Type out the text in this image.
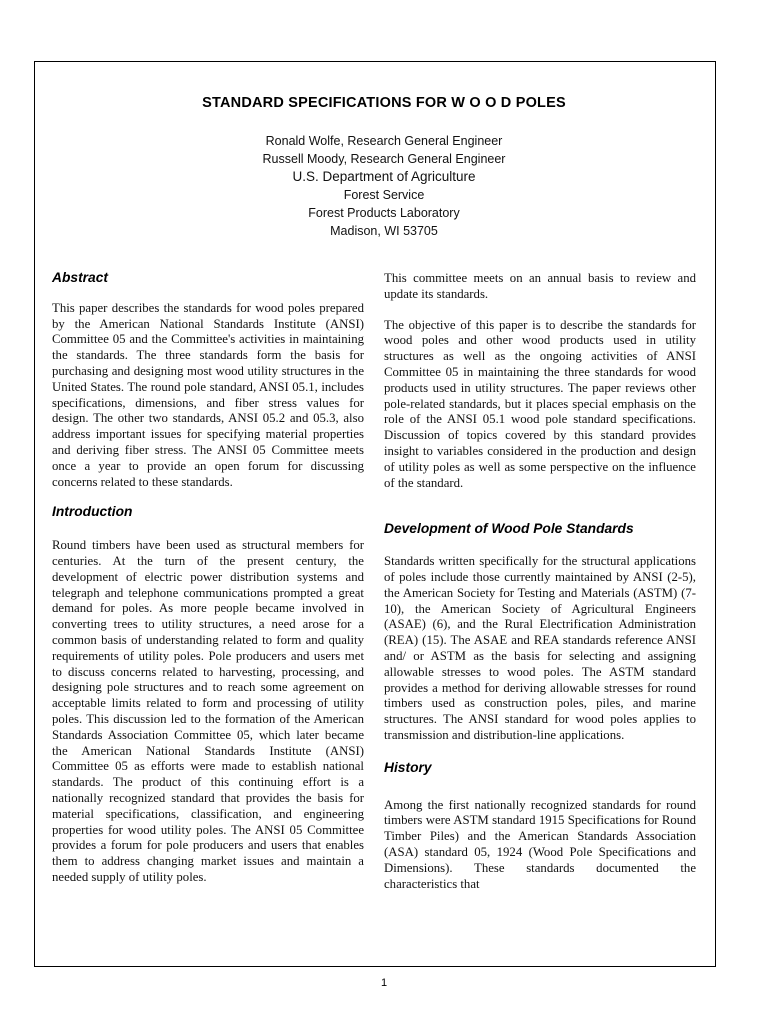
STANDARD SPECIFICATIONS FOR W O O D POLES
Ronald Wolfe, Research General Engineer
Russell Moody, Research General Engineer
U.S. Department of Agriculture
Forest Service
Forest Products Laboratory
Madison, WI 53705
Abstract

This paper describes the standards for wood poles prepared by the American National Standards Institute (ANSI) Committee 05 and the Committee's activities in maintaining the standards. The three standards form the basis for purchasing and designing most wood utility structures in the United States. The round pole standard, ANSI 05.1, includes specifications, dimensions, and fiber stress values for design. The other two standards, ANSI 05.2 and 05.3, also address important issues for specifying material properties and deriving fiber stress. The ANSI 05 Committee meets once a year to provide an open forum for discussing concerns related to these standards.

Introduction

Round timbers have been used as structural members for centuries. At the turn of the present century, the development of electric power distribution systems and telegraph and telephone communications prompted a great demand for poles. As more people became involved in converting trees to utility structures, a need arose for a common basis of understanding related to form and quality requirements of utility poles. Pole producers and users met to discuss concerns related to harvesting, processing, and designing pole structures and to reach some agreement on acceptable limits related to form and processing of utility poles. This discussion led to the formation of the American Standards Association Committee 05, which later became the American National Standards Institute (ANSI) Committee 05 as efforts were made to establish national standards. The product of this continuing effort is a nationally recognized standard that provides the basis for material specifications, classification, and engineering properties for wood utility poles. The ANSI 05 Committee provides a forum for pole producers and users that enables them to address changing market issues and maintain a needed supply of utility poles.

This committee meets on an annual basis to review and update its standards.

The objective of this paper is to describe the standards for wood poles and other wood products used in utility structures as well as the ongoing activities of ANSI Committee 05 in maintaining the three standards for wood products used in utility structures. The paper reviews other pole-related standards, but it places special emphasis on the role of the ANSI 05.1 wood pole standard specifications. Discussion of topics covered by this standard provides insight to variables considered in the production and design of utility poles as well as some perspective on the influence of the standard.

Development of Wood Pole Standards

Standards written specifically for the structural applications of poles include those currently maintained by ANSI (2-5), the American Society for Testing and Materials (ASTM) (7-10), the American Society of Agricultural Engineers (ASAE) (6), and the Rural Electrification Administration (REA) (15). The ASAE and REA standards reference ANSI and/ or ASTM as the basis for selecting and assigning allowable stresses to wood poles. The ASTM standard provides a method for deriving allowable stresses for round timbers used as construction poles, piles, and marine structures. The ANSI standard for wood poles applies to transmission and distribution-line applications.

History

Among the first nationally recognized standards for round timbers were ASTM standard 1915 Specifications for Round Timber Piles) and the American Standards Association (ASA) standard 05, 1924 (Wood Pole Specifications and Dimensions). These standards documented the characteristics that

1
